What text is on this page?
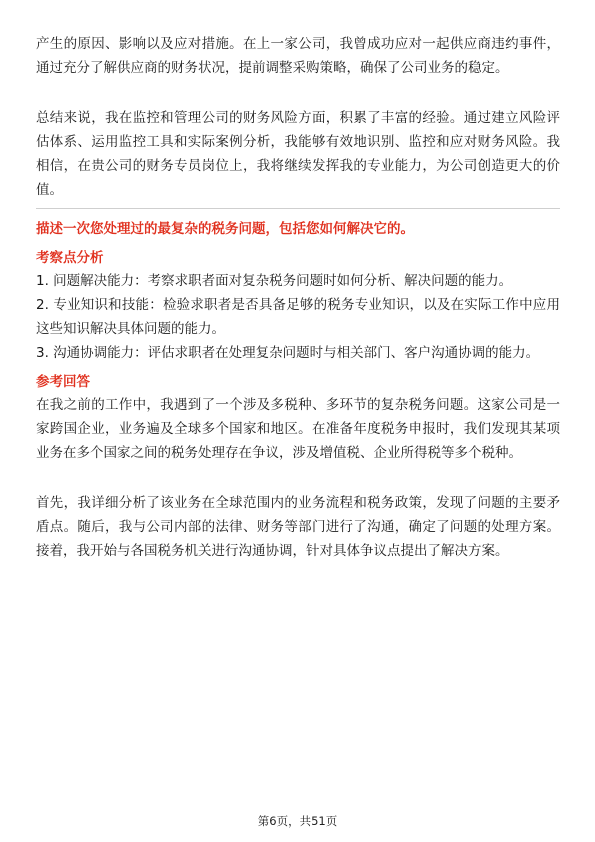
产生的原因、影响以及应对措施。在上一家公司，我曾成功应对一起供应商违约事件，通过充分了解供应商的财务状况，提前调整采购策略，确保了公司业务的稳定。

总结来说，我在监控和管理公司的财务风险方面，积累了丰富的经验。通过建立风险评估体系、运用监控工具和实际案例分析，我能够有效地识别、监控和应对财务风险。我相信，在贵公司的财务专员岗位上，我将继续发挥我的专业能力，为公司创造更大的价值。

描述一次您处理过的最复杂的税务问题，包括您如何解决它的。

考察点分析

1. 问题解决能力：考察求职者面对复杂税务问题时如何分析、解决问题的能力。

2. 专业知识和技能：检验求职者是否具备足够的税务专业知识，以及在实际工作中应用这些知识解决具体问题的能力。

3. 沟通协调能力：评估求职者在处理复杂问题时与相关部门、客户沟通协调的能力。

参考回答

在我之前的工作中，我遇到了一个涉及多税种、多环节的复杂税务问题。这家公司是一家跨国企业，业务遍及全球多个国家和地区。在准备年度税务申报时，我们发现其某项业务在多个国家之间的税务处理存在争议，涉及增值税、企业所得税等多个税种。

首先，我详细分析了该业务在全球范围内的业务流程和税务政策，发现了问题的主要矛盾点。随后，我与公司内部的法律、财务等部门进行了沟通，确定了问题的处理方案。接着，我开始与各国税务机关进行沟通协调，针对具体争议点提出了解决方案。

第6页，共51页
